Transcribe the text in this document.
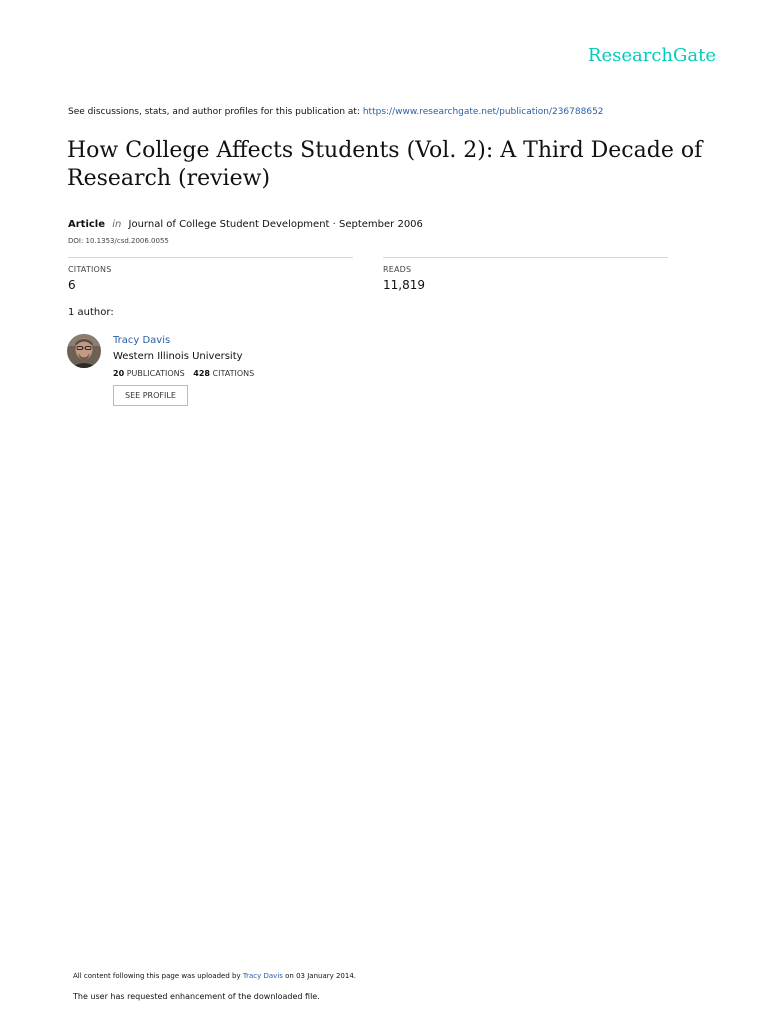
ResearchGate
See discussions, stats, and author profiles for this publication at: https://www.researchgate.net/publication/236788652
How College Affects Students (Vol. 2): A Third Decade of Research (review)
Article in Journal of College Student Development · September 2006
DOI: 10.1353/csd.2006.0055
CITATIONS
6
READS
11,819
1 author:
Tracy Davis
Western Illinois University
20 PUBLICATIONS 428 CITATIONS
SEE PROFILE
All content following this page was uploaded by Tracy Davis on 03 January 2014.
The user has requested enhancement of the downloaded file.
